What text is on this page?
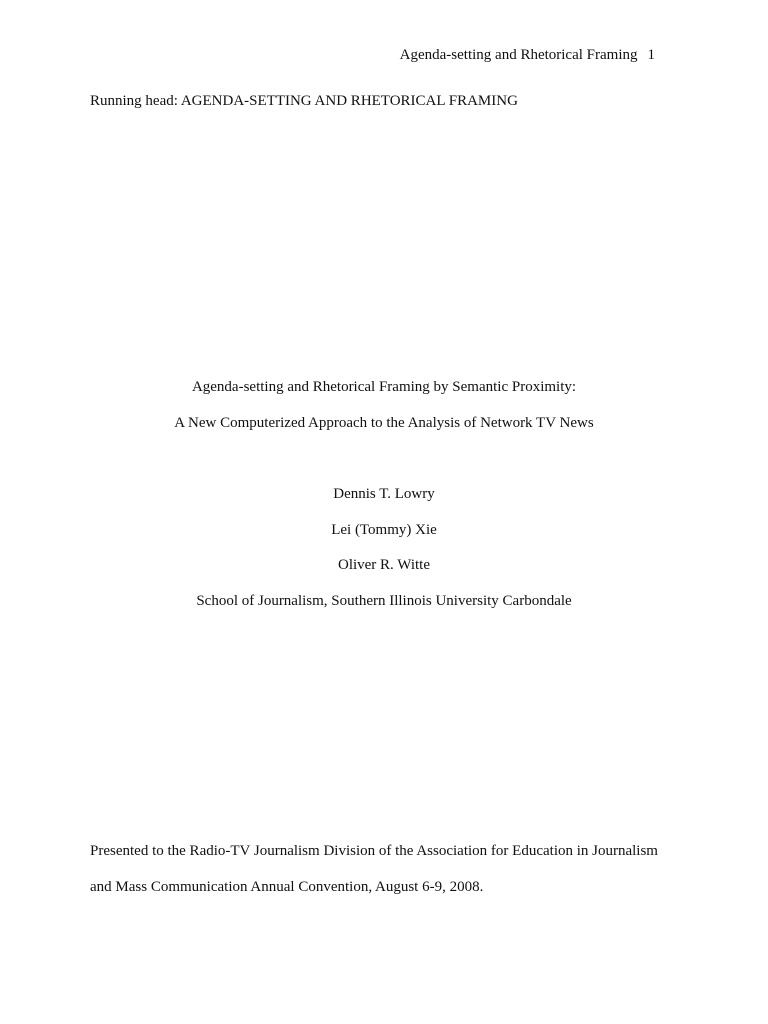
Agenda-setting and Rhetorical Framing 1
Running head: AGENDA-SETTING AND RHETORICAL FRAMING
Agenda-setting and Rhetorical Framing by Semantic Proximity:
A New Computerized Approach to the Analysis of Network TV News
Dennis T. Lowry
Lei (Tommy) Xie
Oliver R. Witte
School of Journalism, Southern Illinois University Carbondale
Presented to the Radio-TV Journalism Division of the Association for Education in Journalism
and Mass Communication Annual Convention, August 6-9, 2008.
